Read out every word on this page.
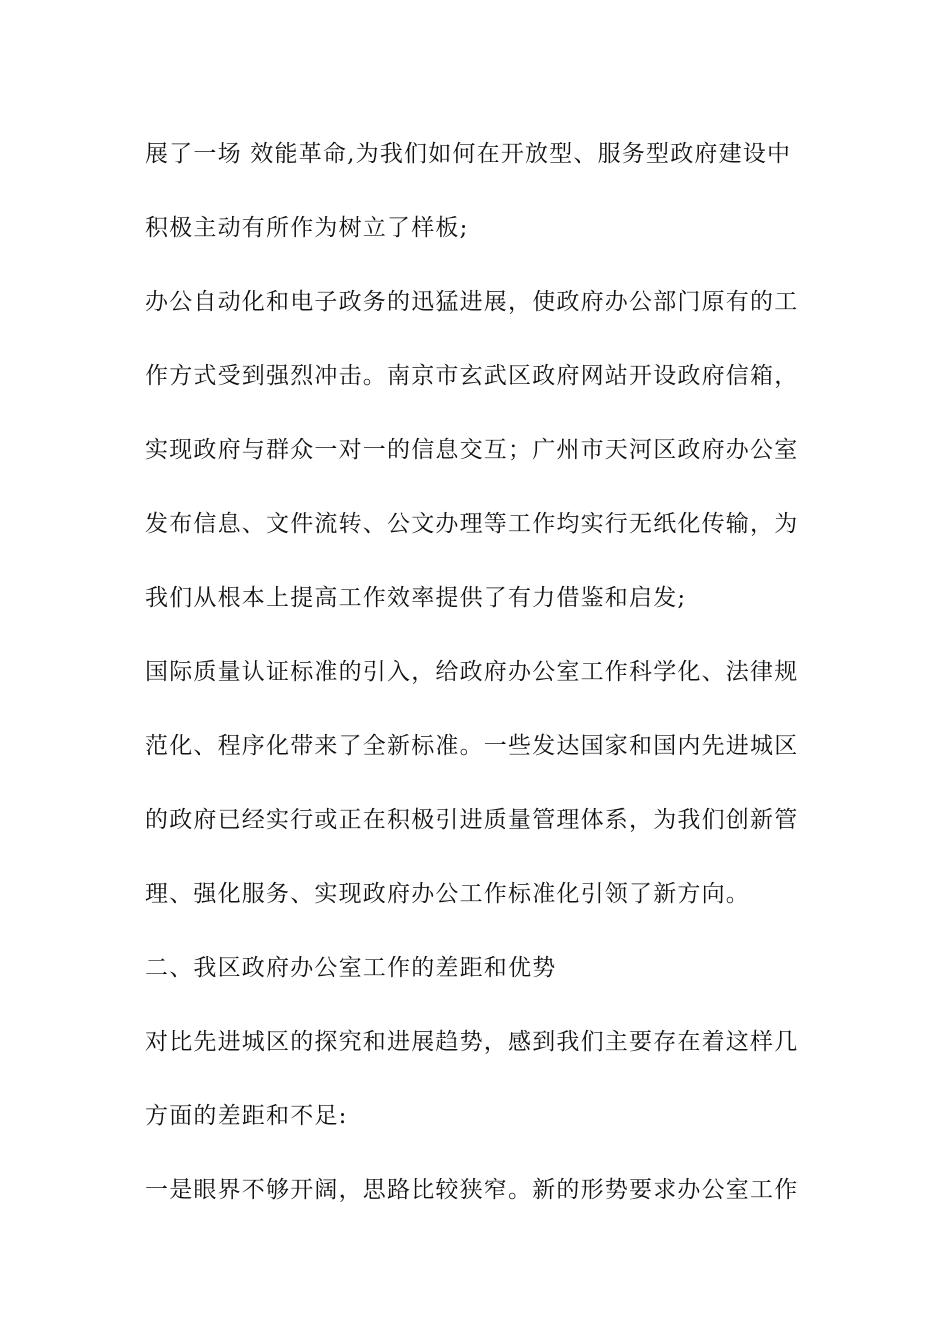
展了一场 效能革命,为我们如何在开放型、服务型政府建设中
积极主动有所作为树立了样板;
办公自动化和电子政务的迅猛进展，使政府办公部门原有的工
作方式受到强烈冲击。南京市玄武区政府网站开设政府信箱，
实现政府与群众一对一的信息交互；广州市天河区政府办公室
发布信息、文件流转、公文办理等工作均实行无纸化传输，为
我们从根本上提高工作效率提供了有力借鉴和启发;
国际质量认证标准的引入，给政府办公室工作科学化、法律规
范化、程序化带来了全新标准。一些发达国家和国内先进城区
的政府已经实行或正在积极引进质量管理体系，为我们创新管
理、强化服务、实现政府办公工作标准化引领了新方向。
二、我区政府办公室工作的差距和优势
对比先进城区的探究和进展趋势，感到我们主要存在着这样几
方面的差距和不足:
一是眼界不够开阔，思路比较狭窄。新的形势要求办公室工作
